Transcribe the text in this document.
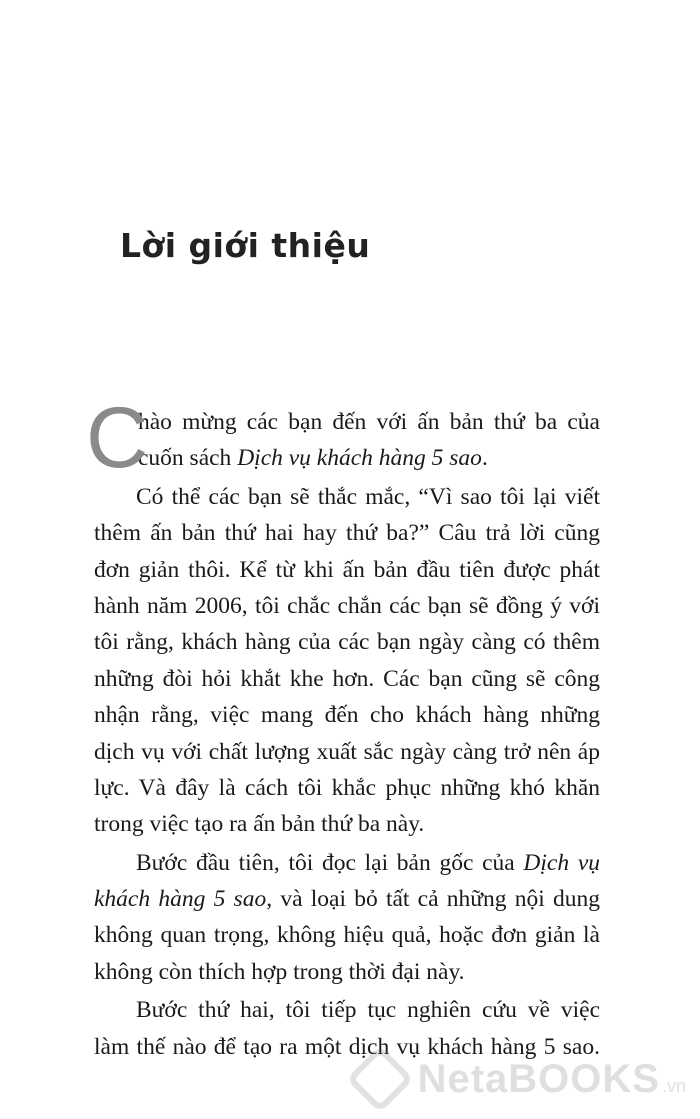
Lời giới thiệu
C
hào mừng các bạn đến với ấn bản thứ ba của
cuốn sách Dịch vụ khách hàng 5 sao.
Có thể các bạn sẽ thắc mắc, “Vì sao tôi lại viết
thêm ấn bản thứ hai hay thứ ba?” Câu trả lời cũng
đơn giản thôi. Kể từ khi ấn bản đầu tiên được phát
hành năm 2006, tôi chắc chắn các bạn sẽ đồng ý với
tôi rằng, khách hàng của các bạn ngày càng có thêm
những đòi hỏi khắt khe hơn. Các bạn cũng sẽ công
nhận rằng, việc mang đến cho khách hàng những
dịch vụ với chất lượng xuất sắc ngày càng trở nên áp
lực. Và đây là cách tôi khắc phục những khó khăn
trong việc tạo ra ấn bản thứ ba này.
Bước đầu tiên, tôi đọc lại bản gốc của Dịch vụ
khách hàng 5 sao, và loại bỏ tất cả những nội dung
không quan trọng, không hiệu quả, hoặc đơn giản là
không còn thích hợp trong thời đại này.
Bước thứ hai, tôi tiếp tục nghiên cứu về việc
làm thế nào để tạo ra một dịch vụ khách hàng 5 sao.
NetaBOOKS .vn
